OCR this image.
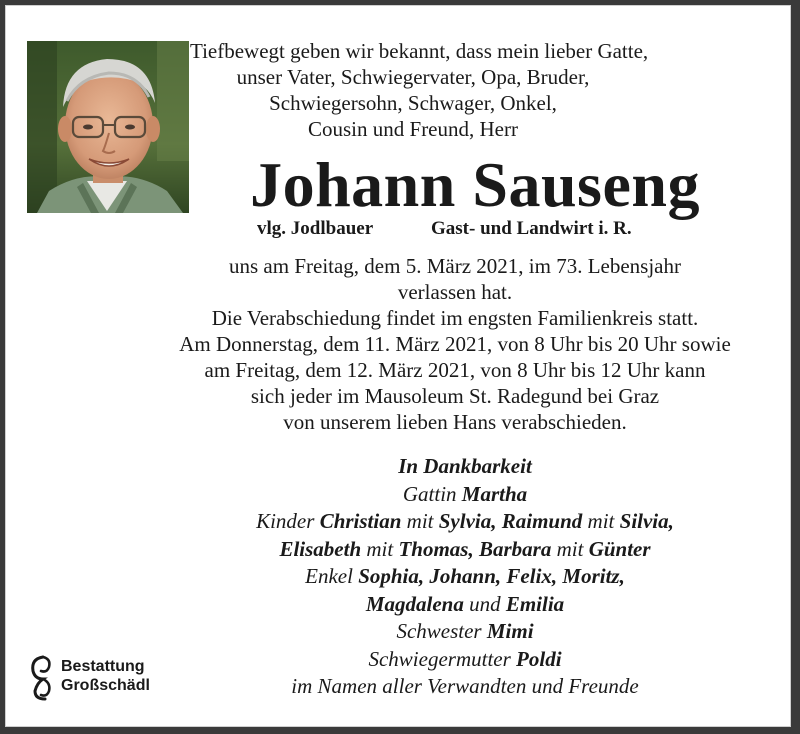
Tiefbewegt geben wir bekannt, dass mein lieber Gatte,
unser Vater, Schwiegervater, Opa, Bruder,
Schwiegersohn, Schwager, Onkel,
Cousin und Freund, Herr
Johann Sauseng
vlg. Jodlbauer	Gast- und Landwirt i. R.
uns am Freitag, dem 5. März 2021, im 73. Lebensjahr
verlassen hat.
Die Verabschiedung findet im engsten Familienkreis statt.
Am Donnerstag, dem 11. März 2021, von 8 Uhr bis 20 Uhr sowie
am Freitag, dem 12. März 2021, von 8 Uhr bis 12 Uhr kann
sich jeder im Mausoleum St. Radegund bei Graz
von unserem lieben Hans verabschieden.
In Dankbarkeit
Gattin Martha
Kinder Christian mit Sylvia, Raimund mit Silvia,
Elisabeth mit Thomas, Barbara mit Günter
Enkel Sophia, Johann, Felix, Moritz,
Magdalena und Emilia
Schwester Mimi
Schwiegermutter Poldi
im Namen aller Verwandten und Freunde
Bestattung
Großschädl
